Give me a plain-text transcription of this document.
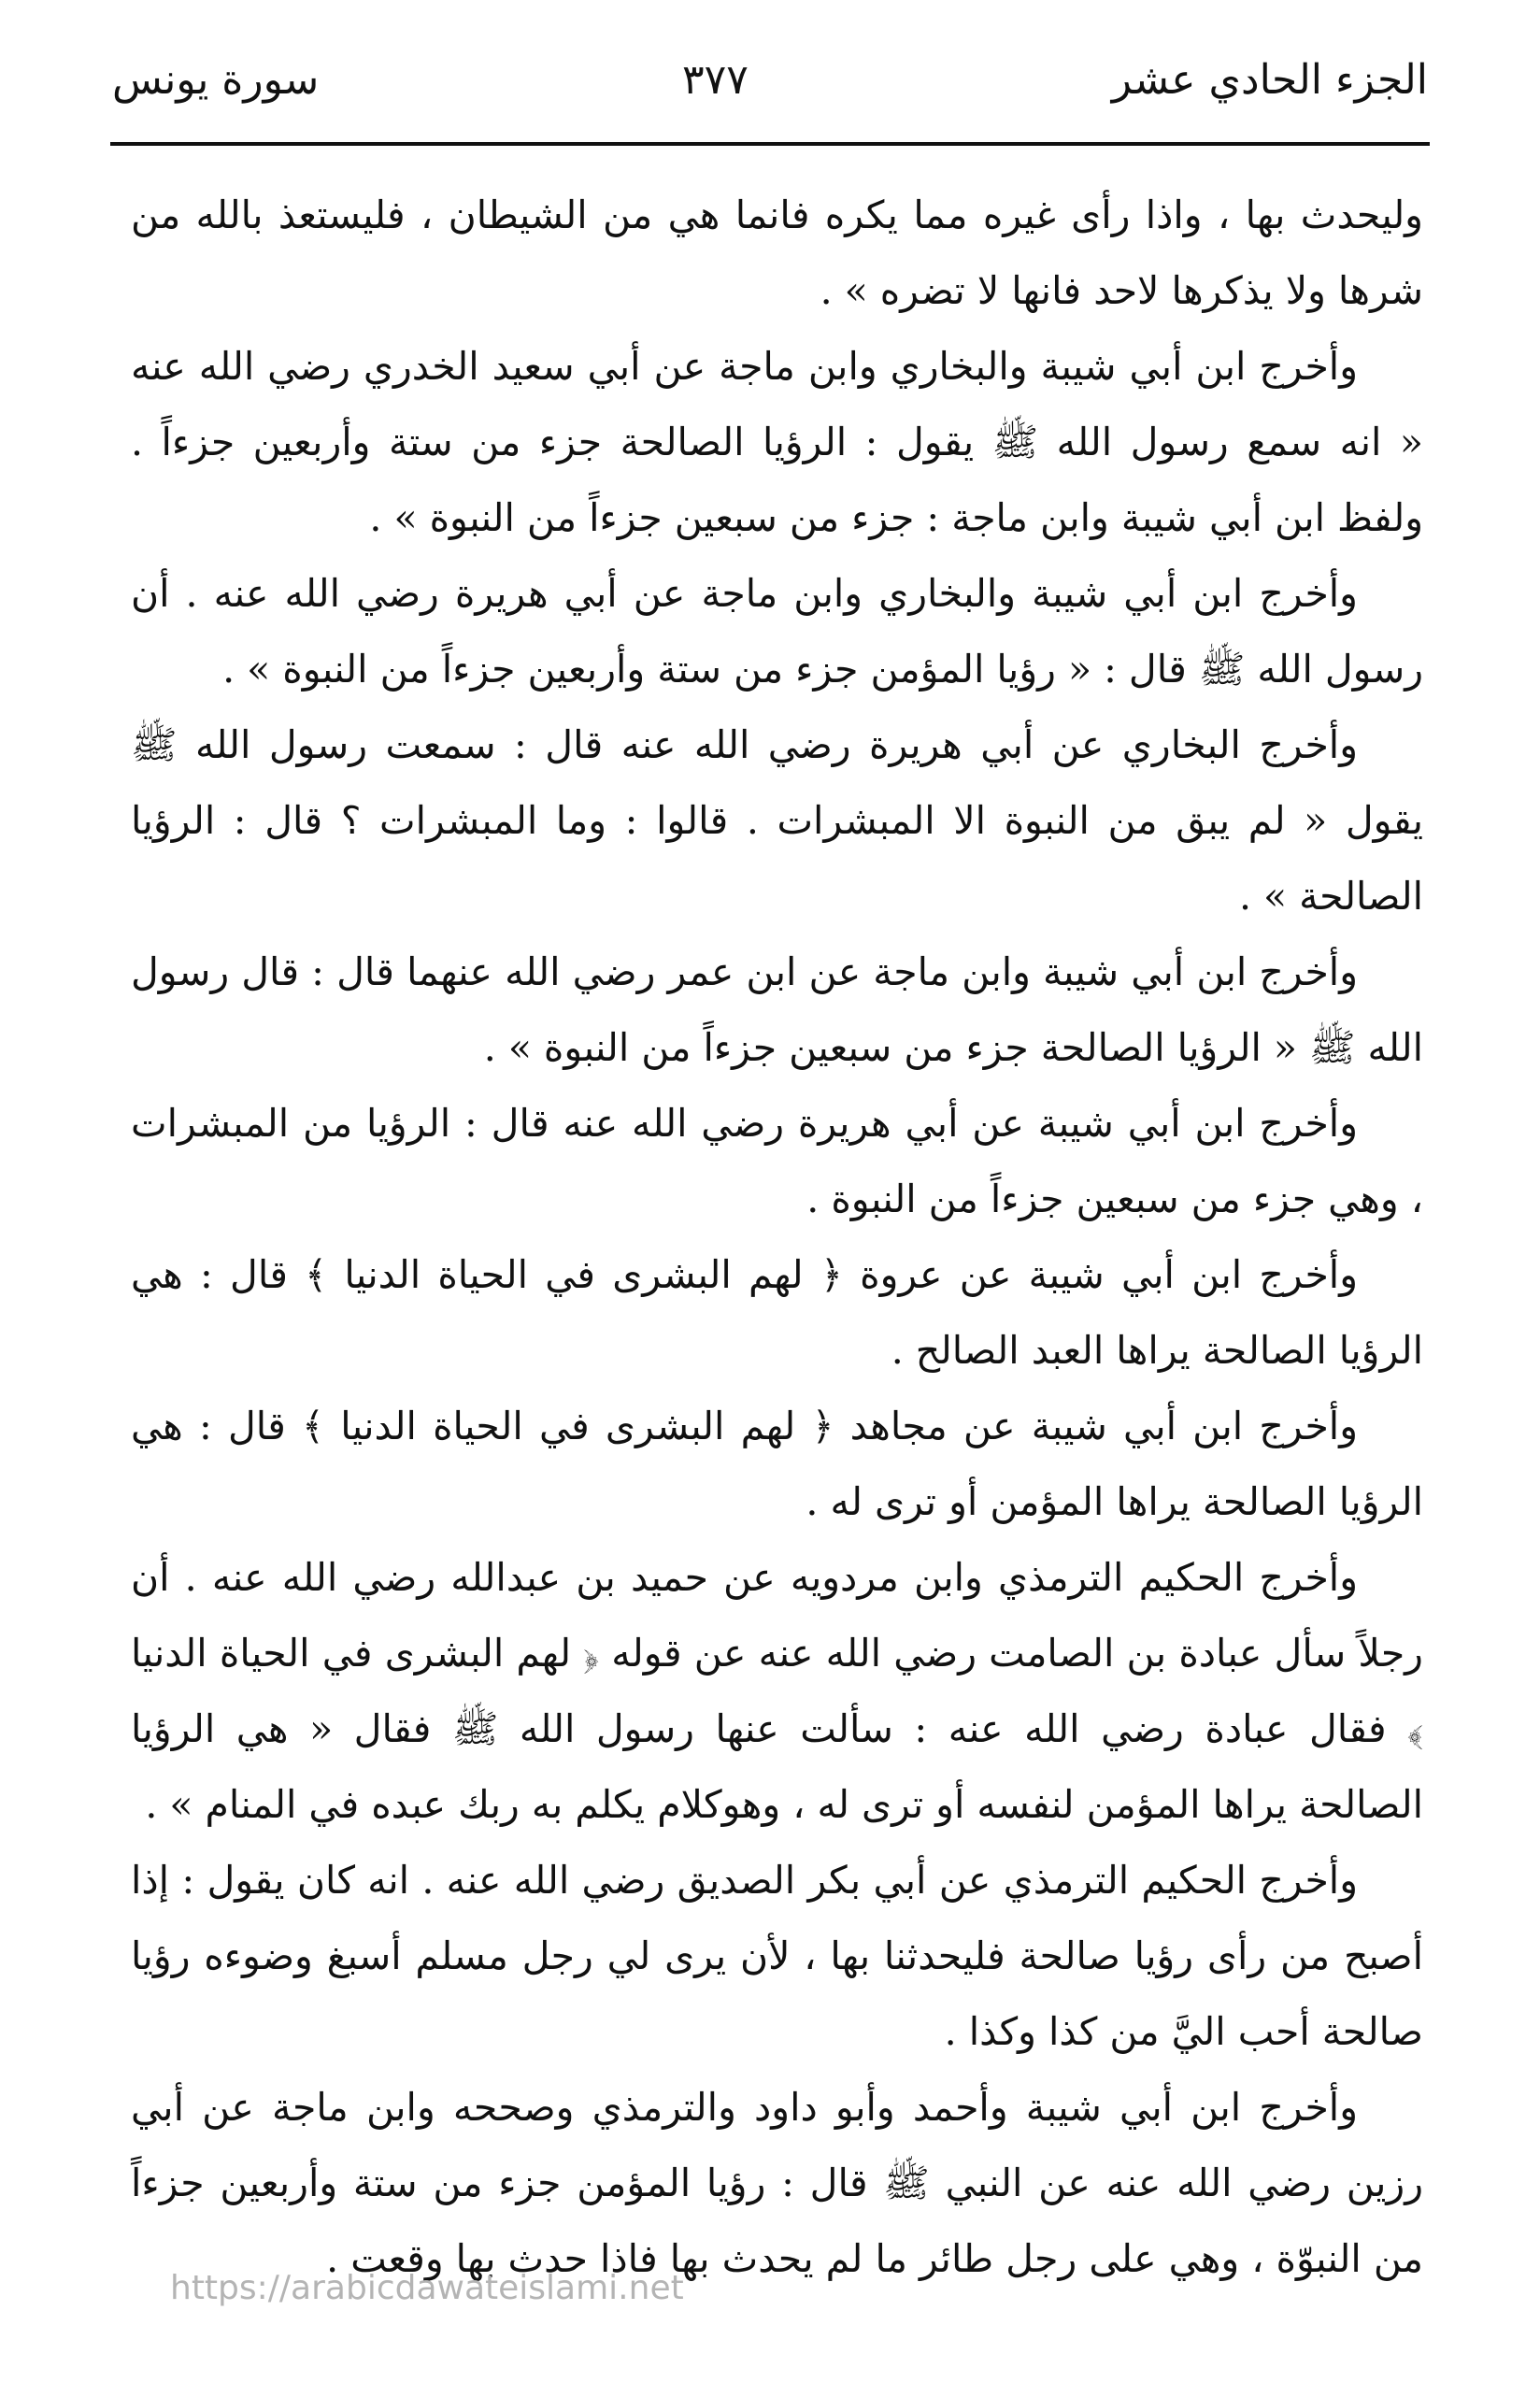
الجزء الحادي عشر
٣٧٧
سورة يونس

وليحدث بها ، واذا رأى غيره مما يكره فانما هي من الشيطان ، فليستعذ بالله من شرها ولا يذكرها لاحد فانها لا تضره » .

وأخرج ابن أبي شيبة والبخاري وابن ماجة عن أبي سعيد الخدري رضي الله عنه « انه سمع رسول الله ﷺ يقول : الرؤيا الصالحة جزء من ستة وأربعين جزءاً . ولفظ ابن أبي شيبة وابن ماجة : جزء من سبعين جزءاً من النبوة » .

وأخرج ابن أبي شيبة والبخاري وابن ماجة عن أبي هريرة رضي الله عنه . أن رسول الله ﷺ قال : « رؤيا المؤمن جزء من ستة وأربعين جزءاً من النبوة » .

وأخرج البخاري عن أبي هريرة رضي الله عنه قال : سمعت رسول الله ﷺ يقول « لم يبق من النبوة الا المبشرات . قالوا : وما المبشرات ؟ قال : الرؤيا الصالحة » .

وأخرج ابن أبي شيبة وابن ماجة عن ابن عمر رضي الله عنهما قال : قال رسول الله ﷺ « الرؤيا الصالحة جزء من سبعين جزءاً من النبوة » .

وأخرج ابن أبي شيبة عن أبي هريرة رضي الله عنه قال : الرؤيا من المبشرات ، وهي جزء من سبعين جزءاً من النبوة .

وأخرج ابن أبي شيبة عن عروة ﴿ لهم البشرى في الحياة الدنيا ﴾ قال : هي الرؤيا الصالحة يراها العبد الصالح .

وأخرج ابن أبي شيبة عن مجاهد ﴿ لهم البشرى في الحياة الدنيا ﴾ قال : هي الرؤيا الصالحة يراها المؤمن أو ترى له .

وأخرج الحكيم الترمذي وابن مردويه عن حميد بن عبدالله رضي الله عنه . أن رجلاً سأل عبادة بن الصامت رضي الله عنه عن قوله ﴿ لهم البشرى في الحياة الدنيا ﴾ فقال عبادة رضي الله عنه : سألت عنها رسول الله ﷺ فقال « هي الرؤيا الصالحة يراها المؤمن لنفسه أو ترى له ، وهوكلام يكلم به ربك عبده في المنام » .

وأخرج الحكيم الترمذي عن أبي بكر الصديق رضي الله عنه . انه كان يقول : إذا أصبح من رأى رؤيا صالحة فليحدثنا بها ، لأن يرى لي رجل مسلم أسبغ وضوءه رؤيا صالحة أحب اليَّ من كذا وكذا .

وأخرج ابن أبي شيبة وأحمد وأبو داود والترمذي وصححه وابن ماجة عن أبي رزين رضي الله عنه عن النبي ﷺ قال : رؤيا المؤمن جزء من ستة وأربعين جزءاً من النبوّة ، وهي على رجل طائر ما لم يحدث بها فاذا حدث بها وقعت .

https://arabicdawateislami.net
